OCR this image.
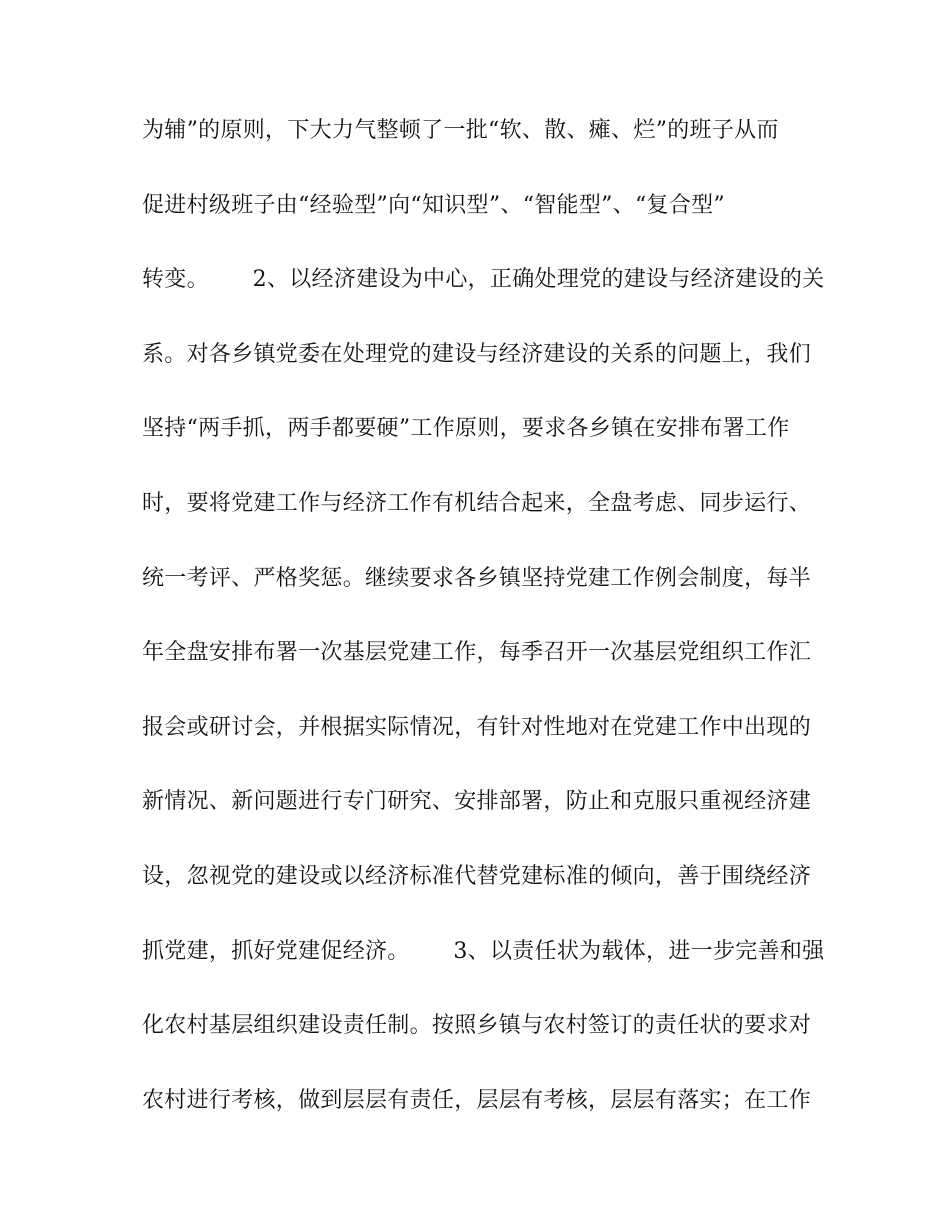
为辅”的原则，下大力气整顿了一批“软、散、瘫、烂”的班子从而
促进村级班子由“经验型”向“知识型”、“智能型”、“复合型”
转变。      2、以经济建设为中心，正确处理党的建设与经济建设的关
系。对各乡镇党委在处理党的建设与经济建设的关系的问题上，我们
坚持“两手抓，两手都要硬”工作原则，要求各乡镇在安排布署工作
时，要将党建工作与经济工作有机结合起来，全盘考虑、同步运行、
统一考评、严格奖惩。继续要求各乡镇坚持党建工作例会制度，每半
年全盘安排布署一次基层党建工作，每季召开一次基层党组织工作汇
报会或研讨会，并根据实际情况，有针对性地对在党建工作中出现的
新情况、新问题进行专门研究、安排部署，防止和克服只重视经济建
设，忽视党的建设或以经济标准代替党建标准的倾向，善于围绕经济
抓党建，抓好党建促经济。      3、以责任状为载体，进一步完善和强
化农村基层组织建设责任制。按照乡镇与农村签订的责任状的要求对
农村进行考核，做到层层有责任，层层有考核，层层有落实；在工作
